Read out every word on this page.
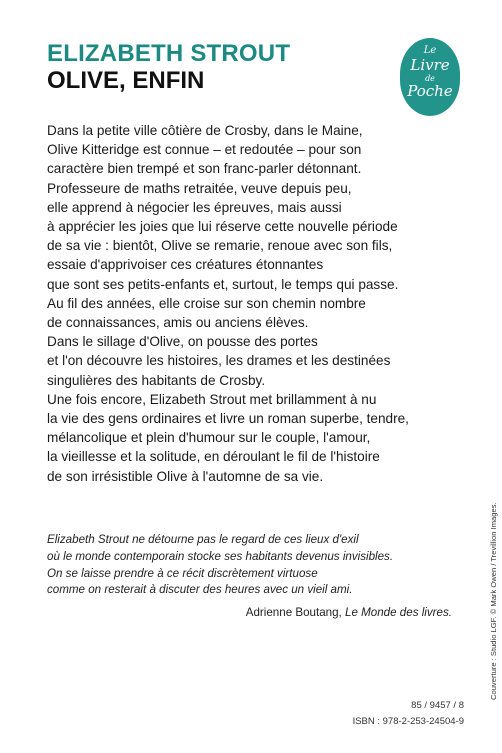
ELIZABETH STROUT
OLIVE, ENFIN
Le
Livre
de
Poche
Dans la petite ville côtière de Crosby, dans le Maine,
Olive Kitteridge est connue – et redoutée – pour son
caractère bien trempé et son franc-parler détonnant.
Professeure de maths retraitée, veuve depuis peu,
elle apprend à négocier les épreuves, mais aussi
à apprécier les joies que lui réserve cette nouvelle période
de sa vie : bientôt, Olive se remarie, renoue avec son fils,
essaie d'apprivoiser ces créatures étonnantes
que sont ses petits-enfants et, surtout, le temps qui passe.
Au fil des années, elle croise sur son chemin nombre
de connaissances, amis ou anciens élèves.
Dans le sillage d'Olive, on pousse des portes
et l'on découvre les histoires, les drames et les destinées
singulières des habitants de Crosby.
Une fois encore, Elizabeth Strout met brillamment à nu
la vie des gens ordinaires et livre un roman superbe, tendre,
mélancolique et plein d'humour sur le couple, l'amour,
la vieillesse et la solitude, en déroulant le fil de l'histoire
de son irrésistible Olive à l'automne de sa vie.
Elizabeth Strout ne détourne pas le regard de ces lieux d'exil
où le monde contemporain stocke ses habitants devenus invisibles.
On se laisse prendre à ce récit discrètement virtuose
comme on resterait à discuter des heures avec un vieil ami.
Adrienne Boutang, Le Monde des livres.	Couverture : Studio LGF. © Mark Owen / Trevillion Images.
85 / 9457 / 8
ISBN : 978-2-253-24504-9
